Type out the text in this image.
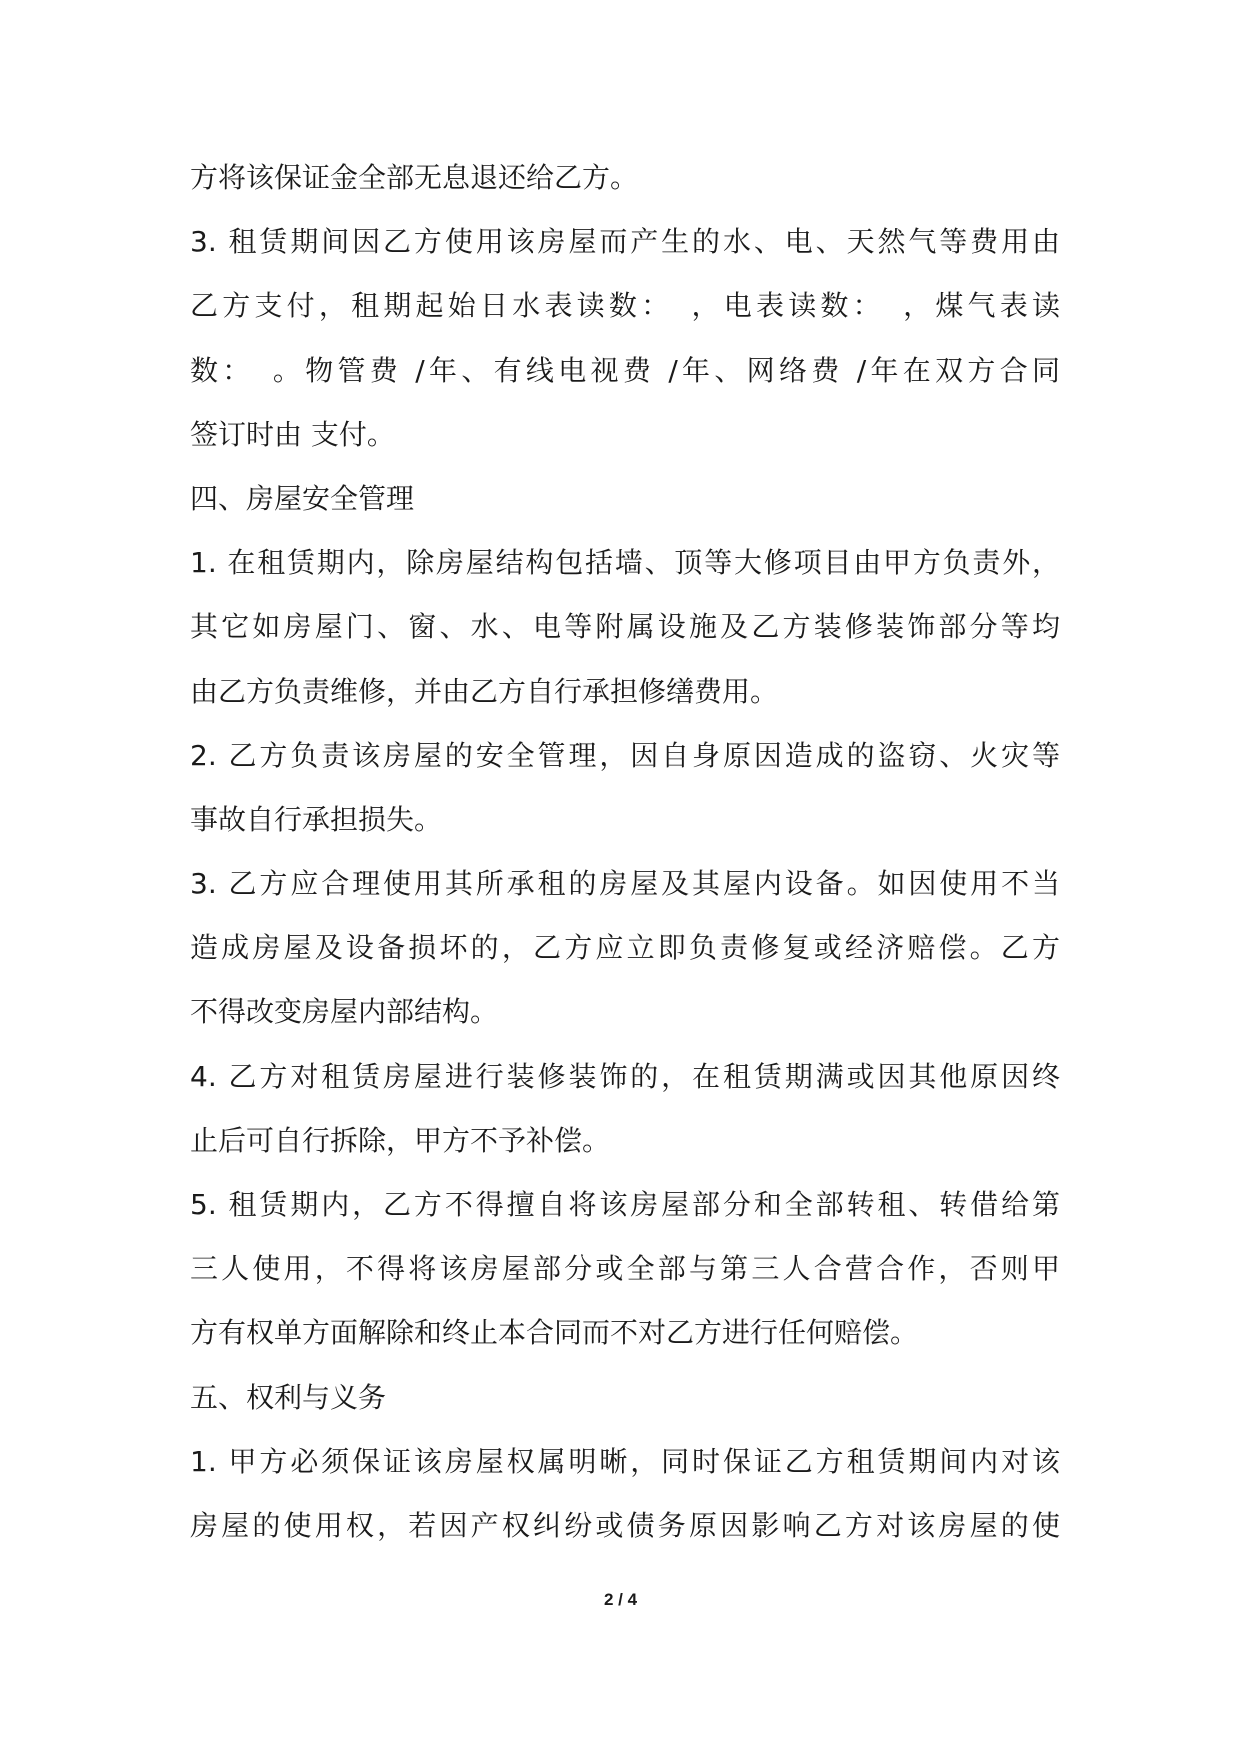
方将该保证金全部无息退还给乙方。
3. 租赁期间因乙方使用该房屋而产生的水、电、天然气等费用由
乙方支付，租期起始日水表读数：　，电表读数：　，煤气表读
数：　。物管费 /年、有线电视费 /年、网络费 /年在双方合同
签订时由 支付。
四、房屋安全管理
1. 在租赁期内，除房屋结构包括墙、顶等大修项目由甲方负责外，
其它如房屋门、窗、水、电等附属设施及乙方装修装饰部分等均
由乙方负责维修，并由乙方自行承担修缮费用。
2. 乙方负责该房屋的安全管理，因自身原因造成的盗窃、火灾等
事故自行承担损失。
3. 乙方应合理使用其所承租的房屋及其屋内设备。如因使用不当
造成房屋及设备损坏的，乙方应立即负责修复或经济赔偿。乙方
不得改变房屋内部结构。
4. 乙方对租赁房屋进行装修装饰的，在租赁期满或因其他原因终
止后可自行拆除，甲方不予补偿。
5. 租赁期内，乙方不得擅自将该房屋部分和全部转租、转借给第
三人使用，不得将该房屋部分或全部与第三人合营合作，否则甲
方有权单方面解除和终止本合同而不对乙方进行任何赔偿。
五、权利与义务
1. 甲方必须保证该房屋权属明晰，同时保证乙方租赁期间内对该
房屋的使用权，若因产权纠纷或债务原因影响乙方对该房屋的使
2 / 4
